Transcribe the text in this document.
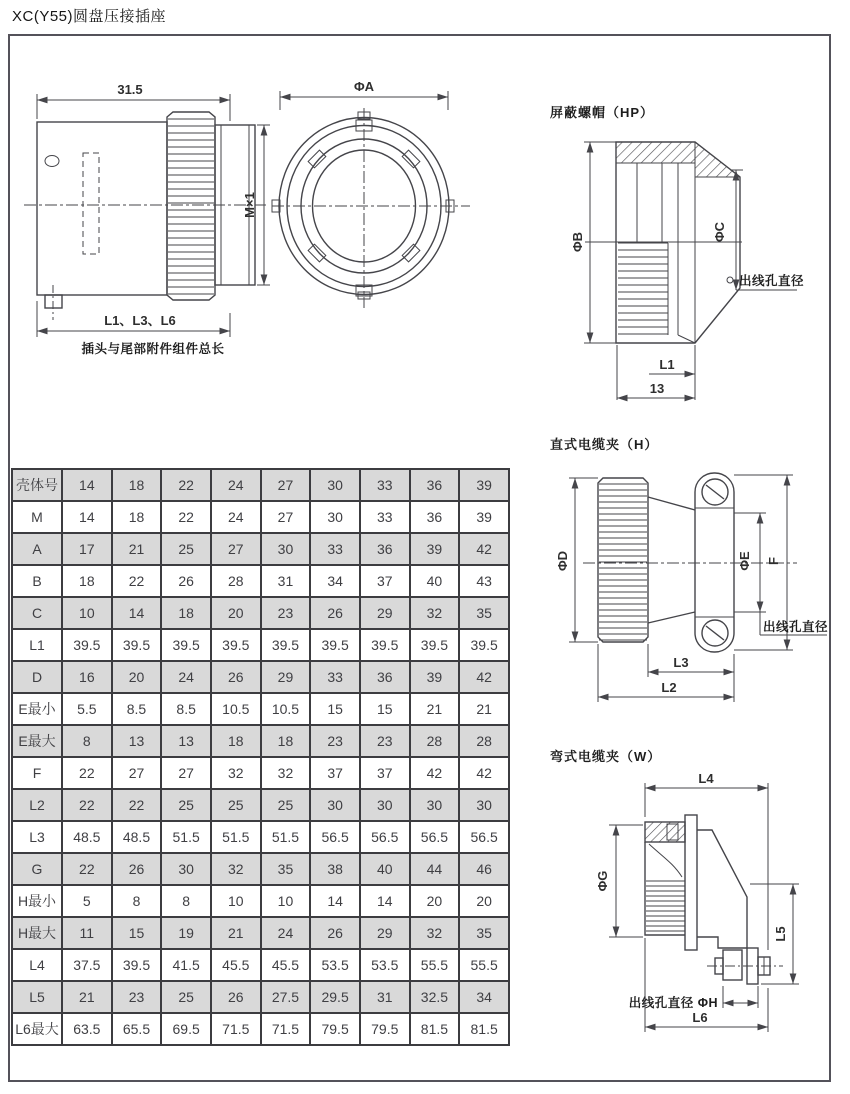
XC(Y55)圆盘压接插座
31.5
M×1
L1、L3、L6
插头与尾部附件组件总长
ΦA
屏蔽螺帽（HP）
ΦB	ΦC
出线孔直径
L1
13
直式电缆夹（H）
ΦD	ΦE F
出线孔直径
L3
L2
弯式电缆夹（W）
L4
ΦG
L5
出线孔直径 ΦH
L6
壳体号	14	18	22	24	27	30	33	36	39
M	14	18	22	24	27	30	33	36	39
A	17	21	25	27	30	33	36	39	42
B	18	22	26	28	31	34	37	40	43
C	10	14	18	20	23	26	29	32	35
L1	39.5	39.5	39.5	39.5	39.5	39.5	39.5	39.5	39.5
D	16	20	24	26	29	33	36	39	42
E最小	5.5	8.5	8.5	10.5	10.5	15	15	21	21
E最大	8	13	13	18	18	23	23	28	28
F	22	27	27	32	32	37	37	42	42
L2	22	22	25	25	25	30	30	30	30
L3	48.5	48.5	51.5	51.5	51.5	56.5	56.5	56.5	56.5
G	22	26	30	32	35	38	40	44	46
H最小	5	8	8	10	10	14	14	20	20
H最大	11	15	19	21	24	26	29	32	35
L4	37.5	39.5	41.5	45.5	45.5	53.5	53.5	55.5	55.5
L5	21	23	25	26	27.5	29.5	31	32.5	34
L6最大	63.5	65.5	69.5	71.5	71.5	79.5	79.5	81.5	81.5
